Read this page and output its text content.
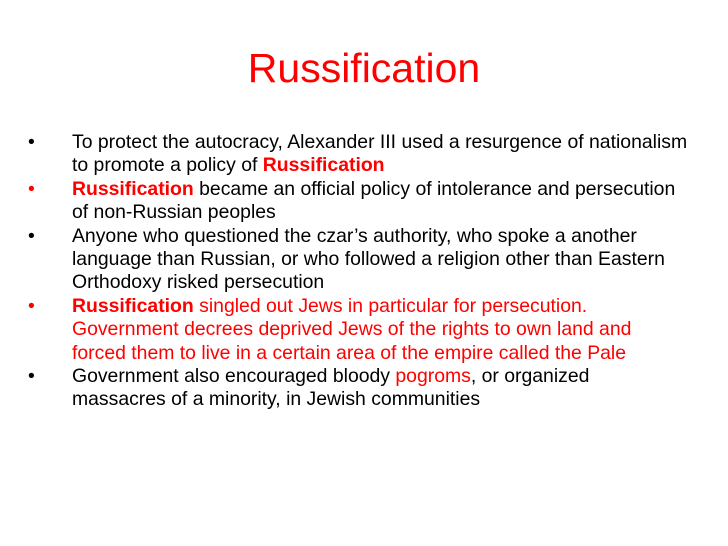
Russification
•	To protect the autocracy, Alexander III used a resurgence of nationalism to promote a policy of Russification
•	Russification became an official policy of intolerance and persecution of non-Russian peoples
•	Anyone who questioned the czar’s authority, who spoke a another language than Russian, or who followed a religion other than Eastern Orthodoxy risked persecution
•	Russification singled out Jews in particular for persecution. Government decrees deprived Jews of the rights to own land and forced them to live in a certain area of the empire called the Pale
•	Government also encouraged bloody pogroms, or organized massacres of a minority, in Jewish communities
